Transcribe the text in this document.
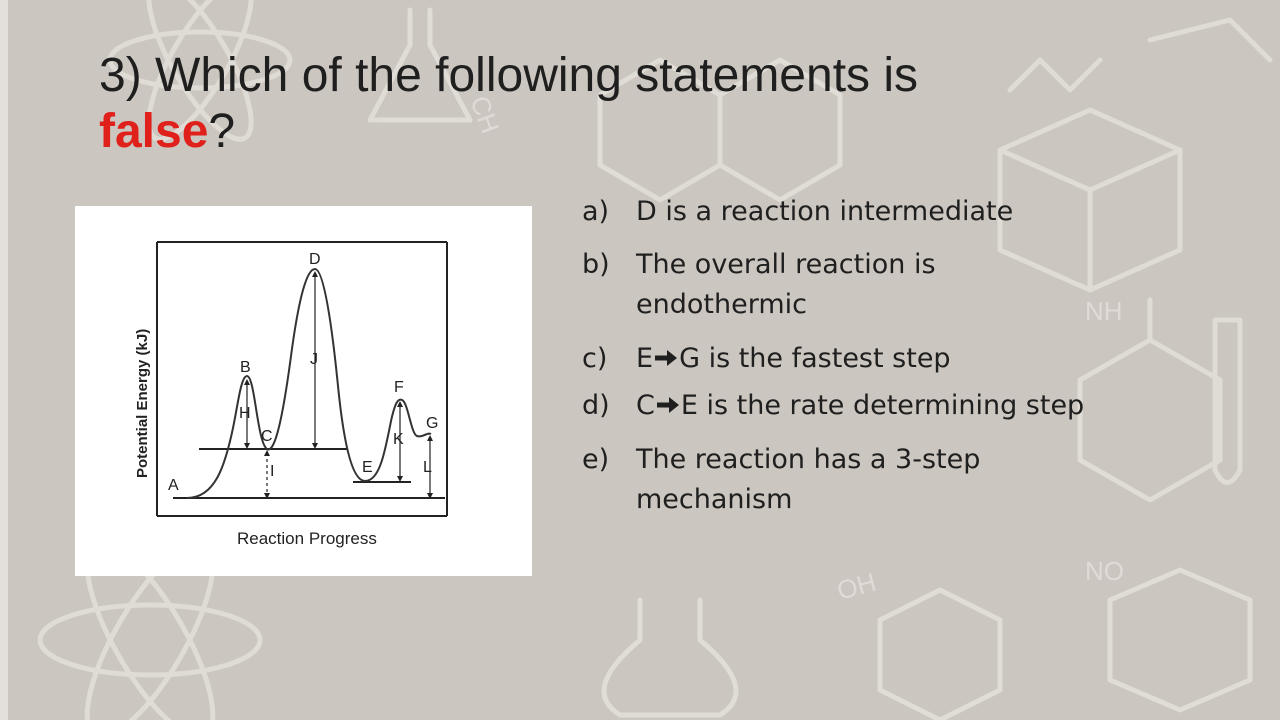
NH
NO
OH
CH
3) Which of the following statements is
false?
A
B
C
D
E
F
G
H
I
J
K
L
Potential Energy (kJ)
Reaction Progress
a) D is a reaction intermediate
b) The overall reaction is endothermic
c) E G is the fastest step
d) C E is the rate determining step
e) The reaction has a 3-step mechanism
